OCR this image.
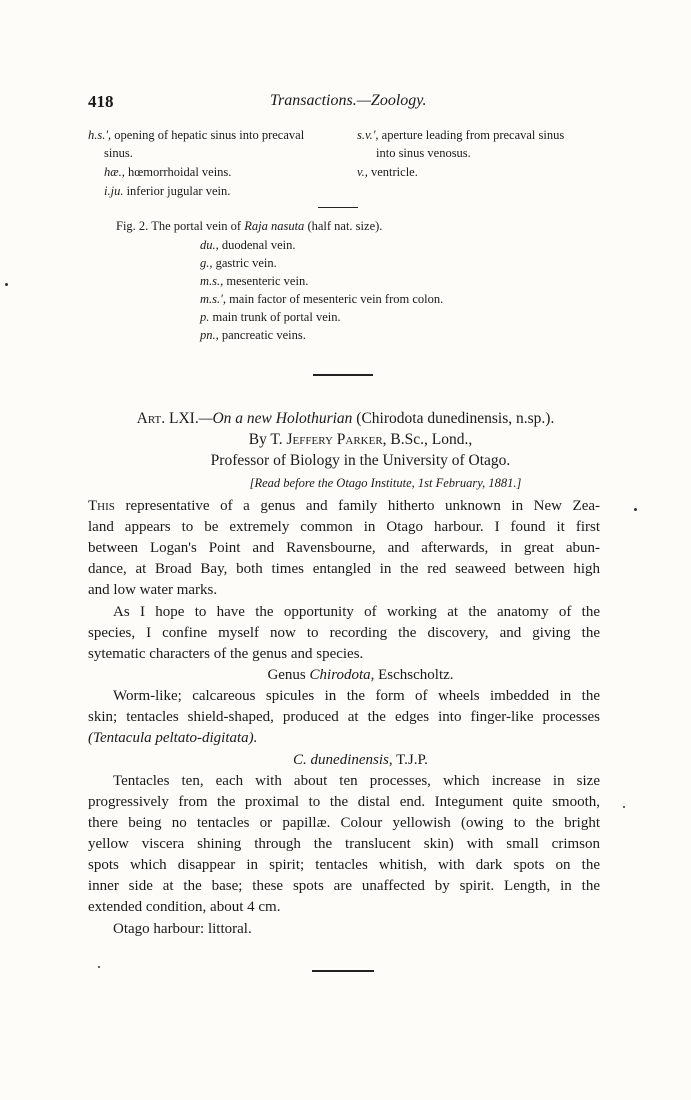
418	Transactions.—Zoology.
h.s.', opening of hepatic sinus into precaval
sinus.
s.v.', aperture leading from precaval sinus
into sinus venosus.
hæ., hœmorrhoidal veins.	v., ventricle.
i.ju. inferior jugular vein.
Fig. 2. The portal vein of Raja nasuta (half nat. size).
du., duodenal vein.
g., gastric vein.
m.s., mesenteric vein.
m.s.', main factor of mesenteric vein from colon.
p. main trunk of portal vein.
pn., pancreatic veins.
Art. LXI.—On a new Holothurian (Chirodota dunedinensis, n.sp.).
By T. Jeffery Parker, B.Sc., Lond.,
Professor of Biology in the University of Otago.
[Read before the Otago Institute, 1st February, 1881.]
This representative of a genus and family hitherto unknown in New Zea-
land appears to be extremely common in Otago harbour. I found it first
between Logan's Point and Ravensbourne, and afterwards, in great abun-
dance, at Broad Bay, both times entangled in the red seaweed between high
and low water marks.
As I hope to have the opportunity of working at the anatomy of the
species, I confine myself now to recording the discovery, and giving the
sytematic characters of the genus and species.
Genus Chirodota, Eschscholtz.
Worm-like; calcareous spicules in the form of wheels imbedded in the
skin; tentacles shield-shaped, produced at the edges into finger-like processes
(Tentacula peltato-digitata).
C. dunedinensis, T.J.P.
Tentacles ten, each with about ten processes, which increase in size
progressively from the proximal to the distal end. Integument quite smooth,
there being no tentacles or papillæ. Colour yellowish (owing to the bright
yellow viscera shining through the translucent skin) with small crimson
spots which disappear in spirit; tentacles whitish, with dark spots on the
inner side at the base; these spots are unaffected by spirit. Length, in the
extended condition, about 4 cm.
Otago harbour: littoral.
